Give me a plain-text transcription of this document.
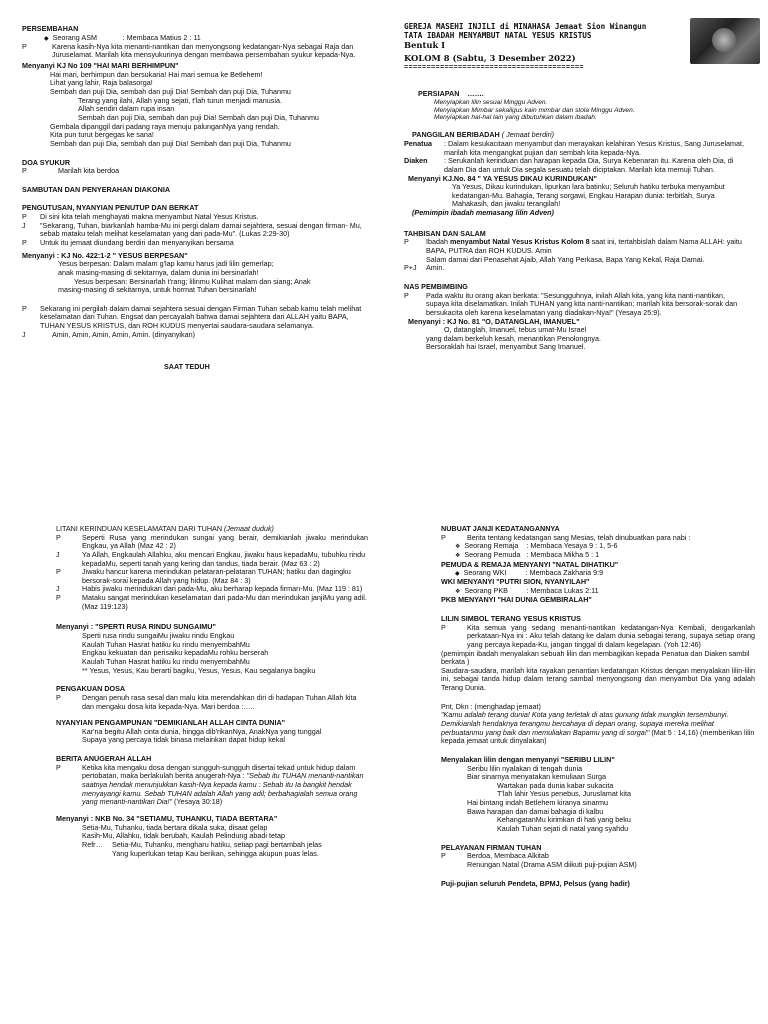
PERSEMBAHAN
◆
Seorang ASM	: Membaca Matius 2 : 11
P	Karena kasih-Nya kita menanti-nantikan dan menyongsong kedatangan-Nya sebagai Raja dan Juruselamat. Marilah kita mensyukurinya dengan membawa persembahan syukur kepada-Nya.
Menyanyi KJ No 109 "HAI MARI BERHIMPUN"
Hai mari, berhimpun dan bersukaria! Hai mari semua ke Betlehem!
Lihat yang lahir, Raja balasorga!
Sembah dan puji Dia, sembah dan puji Dia! Sembah dan puji Dia, Tuhanmu
Terang yang ilahi, Allah yang sejati, t'lah turun menjadi manusia.
Allah sendiri dalam rupa insan
Sembah dan puji Dia, sembah dan puji Dia! Sembah dan puji Dia, Tuhanmu
Gembala dipanggil dari padang raya menuju palunganNya yang rendah.
Kita pun turut bergegas ke sana!
Sembah dan puji Dia, sembah dan puji Dia! Sembah dan puji Dia, Tuhanmu
DOA SYUKUR
P	Marilah kita berdoa
SAMBUTAN DAN PENYERAHAN DIAKONIA
PENGUTUSAN, NYANYIAN PENUTUP DAN BERKAT
P	Di sini kita telah menghayati makna menyambut Natal Yesus Kristus.
J	"Sekarang, Tuhan, biarkanlah hamba-Mu ini pergi dalam damai sejahtera, sesuai dengan firman- Mu, sebab mataku telah melihat keselamatan yang dari pada-Mu". (Lukas 2:29-30)
P	Untuk itu jemaat diundang berdiri dan menyanyikan bersama
Menyanyi : KJ No. 422:1-2 " YESUS BERPESAN"
Yesus berpesan: Dalam malam g'lap kamu harus jadi lilin gemerlap;
anak masing-masing di sekitarnya, dalam dunia ini bersinarlah!
Yesus berpesan: Bersinarlah t'rang; lilinmu Kulihat malam dan siang; Anak
masing-masing di sekitarnya, untuk hormat Tuhan bersinarlah!
P	Sekarang ini pergilah dalam damai sejahtera sesuai dengan Firman Tuhan sebab kamu telah melihat keselamatan dari Tuhan. Engsat dan percayalah bahwa damai sejahtera dari ALLAH yaitu BAPA, TUHAN YESUS KRISTUS, dan ROH KUDUS menyertai saudara-saudara selamanya.
J	Amin, Amin, Amin, Amin, Amin. (dinyanyikan)
SAAT TEDUH
GEREJA MASEHI INJILI di MINAHASA Jemaat Sion Winangun
TATA IBADAH MENYAMBUT NATAL YESUS KRISTUS
Bentuk I
KOLOM 8 (Sabtu, 3 Desember 2022)
========================================
PERSIAPAN …….
Menyiapkan lilin sesuai Minggu Adven.
Menyiapkan Mimbar sekaligus kain mimbar dan stola Minggu Adven.
Menyiapkan hal-hal lain yang dibutuhkan dalam ibadah.
PANGGILAN BERIBADAH ( Jemaat berdiri)
Penatua	: Dalam kesukacitaan menyambut dan merayakan kelahiran Yesus Kristus, Sang Juruselamat, marilah kita mengangkat pujian dan sembah kita kepada-Nya.
Diaken	: Serukanlah kerinduan dan harapan kepada Dia, Surya Kebenaran itu. Karena oleh Dia, di dalam Dia dan untuk Dia segala sesuatu telah diciptakan. Marilah kita memuji Tuhan.
Menyanyi KJ.No. 84 " YA YESUS DIKAU KURINDUKAN"
Ya Yesus, Dikau kurindukan, lipurkan lara batinku; Seluruh hatiku terbuka menyambut kedatangan-Mu. Bahagia, Terang sorgawi, Engkau Harapan dunia: terbitlah, Surya Mahakasih, dan jiwaku terangilah!
(Pemimpin ibadah memasang lilin Adven)
TAHBISAN DAN SALAM
P	Ibadah menyambut Natal Yesus Kristus Kolom 8 saat ini, tertahbislah dalam Nama ALLAH: yaitu BAPA, PUTRA dan ROH KUDUS. Amin
Salam damai dari Penasehat Ajaib, Allah Yang Perkasa, Bapa Yang Kekal, Raja Damai.
P+J	Amin.
NAS PEMBIMBING
P	Pada waktu itu orang akan berkata: "Sesungguhnya, inilah Allah kita, yang kita nanti-nantikan, supaya kita diselamatkan. Inilah TUHAN yang kita nanti-nantikan; marilah kita bersorak-sorak dan bersukacita oleh karena keselamatan yang diadakan-Nya!" (Yesaya 25:9).
Menyanyi : KJ No. 81 "O, DATANGLAH, IMANUEL"
O, datanglah, Imanuel, tebus umat-Mu Israel
yang dalam berkeluh kesah, menantikan Penolongnya.
Bersoraklah hai Israel, menyambut Sang Imanuel.
LITANI KERINDUAN KESELAMATAN DARI TUHAN (Jemaat duduk)
P	Seperti Rusa yang merindukan sungai yang berair, demikianlah jiwaku merindukan Engkau, ya Allah (Maz 42 : 2)
J	Ya Allah, Engkaulah Allahku, aku mencari Engkau, jiwaku haus kepadaMu, tubuhku rindu kepadaMu, seperti tanah yang kering dan tandus, tiada berair. (Maz 63 : 2)
P	Jiwaku hancur karena merindukan pelataran-pelataran TUHAN; hatiku dan dagingku bersorak-sorai kepada Allah yang hidup. (Maz 84 : 3)
J	Habis jiwaku merindukan dari pada-Mu, aku berharap kepada firman-Mu. (Maz 119 : 81)
P	Mataku sangat merindukan keselamatan dari pada-Mu dan merindukan janjiMu yang adil. (Maz 119:123)
Menyanyi : "SPERTI RUSA RINDU SUNGAIMU"
Sperti rusa rindu sungaiMu jiwaku rindu Engkau
Kaulah Tuhan Hasrat hatiku ku rindu menyembahMu
Engkau kekuatan dan perisaiku kepadaMu rohku berserah
Kaulah Tuhan Hasrat hatiku ku rindu menyembahMu
** Yesus, Yesus, Kau berarti bagiku, Yesus, Yesus, Kau segalanya bagiku
PENGAKUAN DOSA
P	Dengan penuh rasa sesal dan malu kita merendahkan diri di hadapan Tuhan Allah kita dan mengaku dosa kita kepada-Nya. Mari berdoa :…..
NYANYIAN PENGAMPUNAN "DEMIKIANLAH ALLAH CINTA DUNIA"
Kar'na begitu Allah cinta dunia, hingga dib'rikanNya, AnakNya yang tunggal
Supaya yang percaya tidak binasa melainkan dapat hidup kekal
BERITA ANUGERAH ALLAH
P	Ketika kita mengaku dosa dengan sungguh-sungguh disertai tekad untuk hidup dalam pertobatan, maka berlakulah berita anugerah-Nya : "Sebab itu TUHAN menanti-nantikan saatnya hendak menunjukkan kasih-Nya kepada kamu : Sebab itu Ia bangkit hendak menyayangi kamu. Sebab TUHAN adalah Allah yang adil; berbahagialah semua orang yang menanti-nantikan Dia!" (Yesaya 30:18)
Menyanyi : NKB No. 34 "SETIAMU, TUHANKU, TIADA BERTARA"
Setia-Mu, Tuhanku, tiada bertara dikala suka, disaat gelap
Kasih-Mu, Allahku, tidak berubah, Kaulah Pelindung abadi tetap
Refr…	Setia-Mu, Tuhanku, mengharu hatiku, setiap pagi bertambah jelas
Yang kuperlukan tetap Kau berikan, sehingga akupun puas lelas.
NUBUAT JANJI KEDATANGANNYA
P	Berita tentang kedatangan sang Mesias, telah dinubuatkan para nabi :
❖
Seorang Remaja	: Membaca Yesaya 9 : 1, 5-6
❖
Seorang Pemuda : Membaca Mikha 5 : 1
PEMUDA & REMAJA MENYANYI "NATAL DIHATIKU"
◆
Seorang WKI	: Membaca Zakharia 9:9
WKI MENYANYI "PUTRI SION, NYANYILAH"
❖
Seorang PKB	: Membaca Lukas 2:11
PKB MENYANYI "HAI DUNIA GEMBIRALAH"
LILIN SIMBOL TERANG YESUS KRISTUS
P	Kita semua yang sedang menanti-nantikan kedatangan-Nya Kembali, dengarkanlah perkataan-Nya ini : Aku telah datang ke dalam dunia sebagai terang, supaya setiap orang yang percaya kepada-Ku, jangan tinggal di dalam kegelapan. (Yoh 12:46)
(pemimpin ibadah menyalakan sebuah lilin dan membagikan kepada Penatua dan Diaken sambil berkata )
Saudara-saudara, marilah kita rayakan penantian kedatangan Kristus dengan menyalakan lilin-lilin ini, sebagai tanda hidup dalam terang sambal menyongsong dan menyambut Dia yang adalah Terang Dunia.
Pnt, Dkn : (menghadap jemaat)
"Kamu adalah terang dunia! Kota yang terletak di atas gunung tidak mungkin tersembunyi. Demikianlah hendaknya terangmu bercahaya di depan orang, supaya mereka melihat perbuatanmu yang baik dan memuliakan Bapamu yang di sorga!" (Mat 5 : 14,16) (memberikan lilin kepada jemaat untuk dinyalakan)
Menyalakan lilin dengan menyanyi "SERIBU LILIN"
Seribu lilin nyalakan di tengah dunia
Biar sinarnya menyatakan kemuliaan Surga
Wartakan pada dunia kabar sukacita
T'lah lahir Yesus penebus, Juruslamat kita
Hai bintang indah Betlehem kiranya sinarmu
Bawa harapan dan damai bahagia di kalbu
KehangatanMu kirimkan di hati yang beku
Kaulah Tuhan sejati di natal yang syahdu
PELAYANAN FIRMAN TUHAN
P	Berdoa, Membaca Alkitab
Renungan Natal (Drama ASM diikuti puji-pujian ASM)
Puji-pujian seluruh Pendeta, BPMJ, Pelsus (yang hadir)
